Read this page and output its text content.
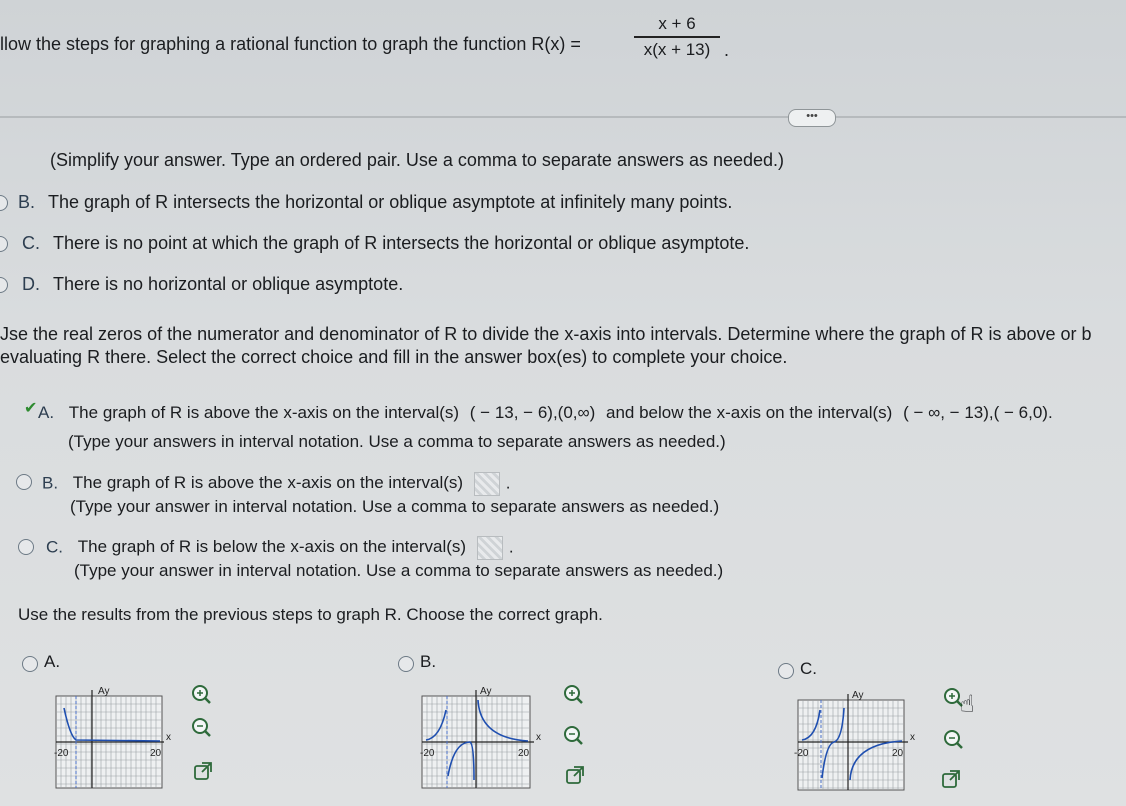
llow the steps for graphing a rational function to graph the function R(x) =
x + 6
x(x + 13) .
•••
(Simplify your answer. Type an ordered pair. Use a comma to separate answers as needed.)
B. The graph of R intersects the horizontal or oblique asymptote at infinitely many points.
C. There is no point at which the graph of R intersects the horizontal or oblique asymptote.
D. There is no horizontal or oblique asymptote.
Jse the real zeros of the numerator and denominator of R to divide the x-axis into intervals. Determine where the graph of R is above or b
evaluating R there. Select the correct choice and fill in the answer box(es) to complete your choice.
✔ A. The graph of R is above the x-axis on the interval(s) ( − 13, − 6),(0,∞) and below the x-axis on the interval(s) ( − ∞, − 13),( − 6,0).
(Type your answers in interval notation. Use a comma to separate answers as needed.)
B. The graph of R is above the x-axis on the interval(s)	.
(Type your answer in interval notation. Use a comma to separate answers as needed.)
C. The graph of R is below the x-axis on the interval(s)	.
(Type your answer in interval notation. Use a comma to separate answers as needed.)
Use the results from the previous steps to graph R. Choose the correct graph.
A.
Ay
x
-20	20
B.
Ay
x
-20	20
C.
Ay
x
-20	20
☝
